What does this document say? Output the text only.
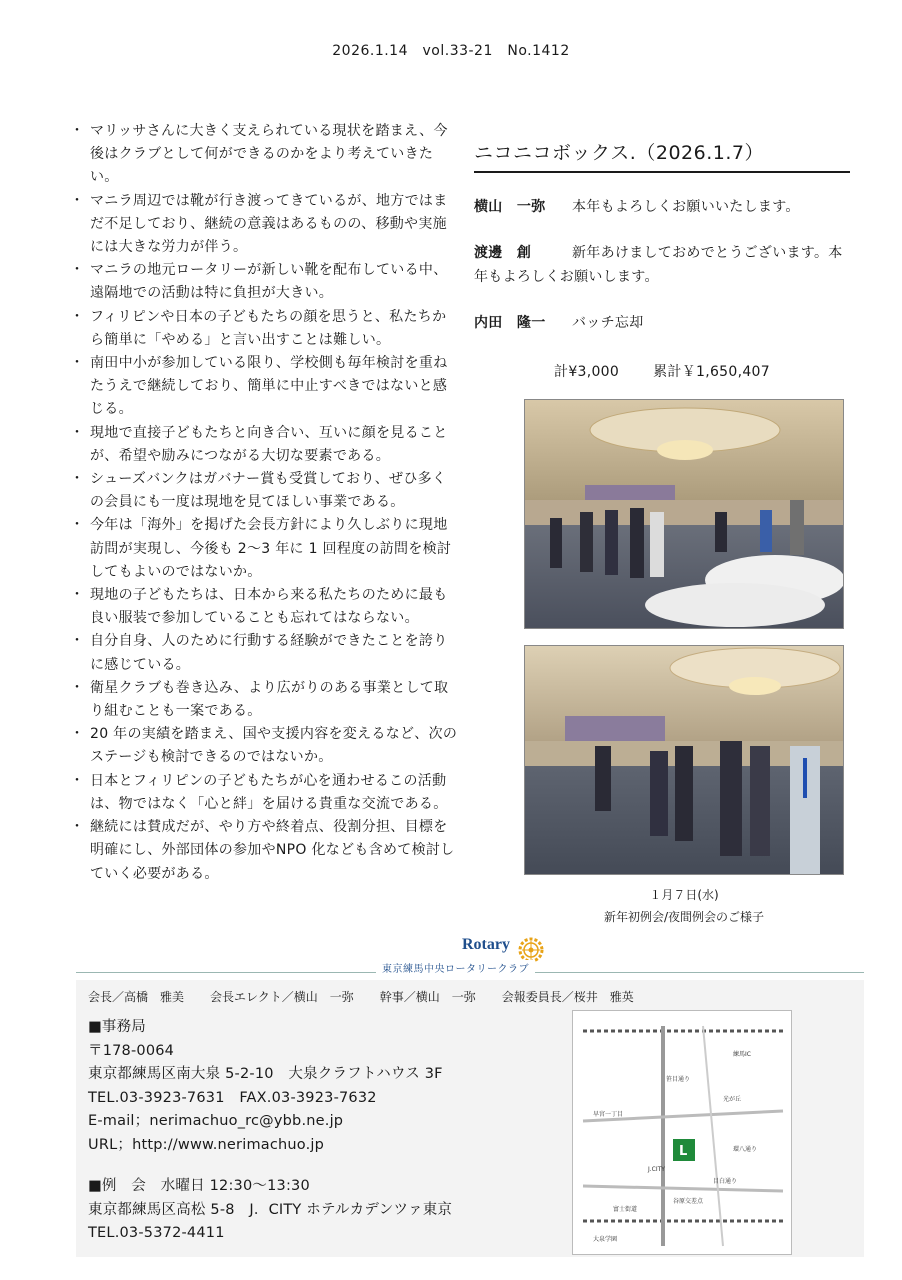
2026.1.14　vol.33-21　No.1412
・ マリッサさんに大きく支えられている現状を踏まえ、今後はクラブとして何ができるのかをより考えていきたい。
・ マニラ周辺では靴が行き渡ってきているが、地方ではまだ不足しており、継続の意義はあるものの、移動や実施には大きな労力が伴う。
・ マニラの地元ロータリーが新しい靴を配布している中、遠隔地での活動は特に負担が大きい。
・ フィリピンや日本の子どもたちの顔を思うと、私たちから簡単に「やめる」と言い出すことは難しい。
・ 南田中小が参加している限り、学校側も毎年検討を重ねたうえで継続しており、簡単に中止すべきではないと感じる。
・ 現地で直接子どもたちと向き合い、互いに顔を見ることが、希望や励みにつながる大切な要素である。
・ シューズバンクはガバナー賞も受賞しており、ぜひ多くの会員にも一度は現地を見てほしい事業である。
・ 今年は「海外」を掲げた会長方針により久しぶりに現地訪問が実現し、今後も 2～3 年に 1 回程度の訪問を検討してもよいのではないか。
・ 現地の子どもたちは、日本から来る私たちのために最も良い服装で参加していることも忘れてはならない。
・ 自分自身、人のために行動する経験ができたことを誇りに感じている。
・ 衛星クラブも巻き込み、より広がりのある事業として取り組むことも一案である。
・ 20 年の実績を踏まえ、国や支援内容を変えるなど、次のステージも検討できるのではないか。
・ 日本とフィリピンの子どもたちが心を通わせるこの活動は、物ではなく「心と絆」を届ける貴重な交流である。
・ 継続には賛成だが、やり方や終着点、役割分担、目標を明確にし、外部団体の参加やNPO 化なども含めて検討していく必要がある。
ニコニコボックス.（2026.1.7）
横山　一弥 本年もよろしくお願いいたします。
渡邊　創	新年あけましておめでとうございます。本年もよろしくお願いします。
内田　隆一 バッチ忘却
計¥3,000 累計￥1,650,407
１月７日(水)
新年初例会/夜間例会のご様子
Rotary
東京練馬中央ロータリークラブ
会長／高橋　雅美 会長エレクト／横山　一弥 幹事／横山　一弥 会報委員長／桜井　雅英
■事務局
〒178-0064
東京都練馬区南大泉 5-2-10　大泉クラフトハウス 3F
TEL.03-3923-7631　FAX.03-3923-7632
E-mail；nerimachuo_rc@ybb.ne.jp
URL；http://www.nerimachuo.jp
■例　会　水曜日 12:30～13:30
東京都練馬区高松 5-8　J．CITY ホテルカデンツァ東京
TEL.03-5372-4411
L
笹目通り
早宮一丁目
練馬IC
J.CITY
光が丘
目白通り
谷原交差点
環八通り
大泉学園
富士街道
